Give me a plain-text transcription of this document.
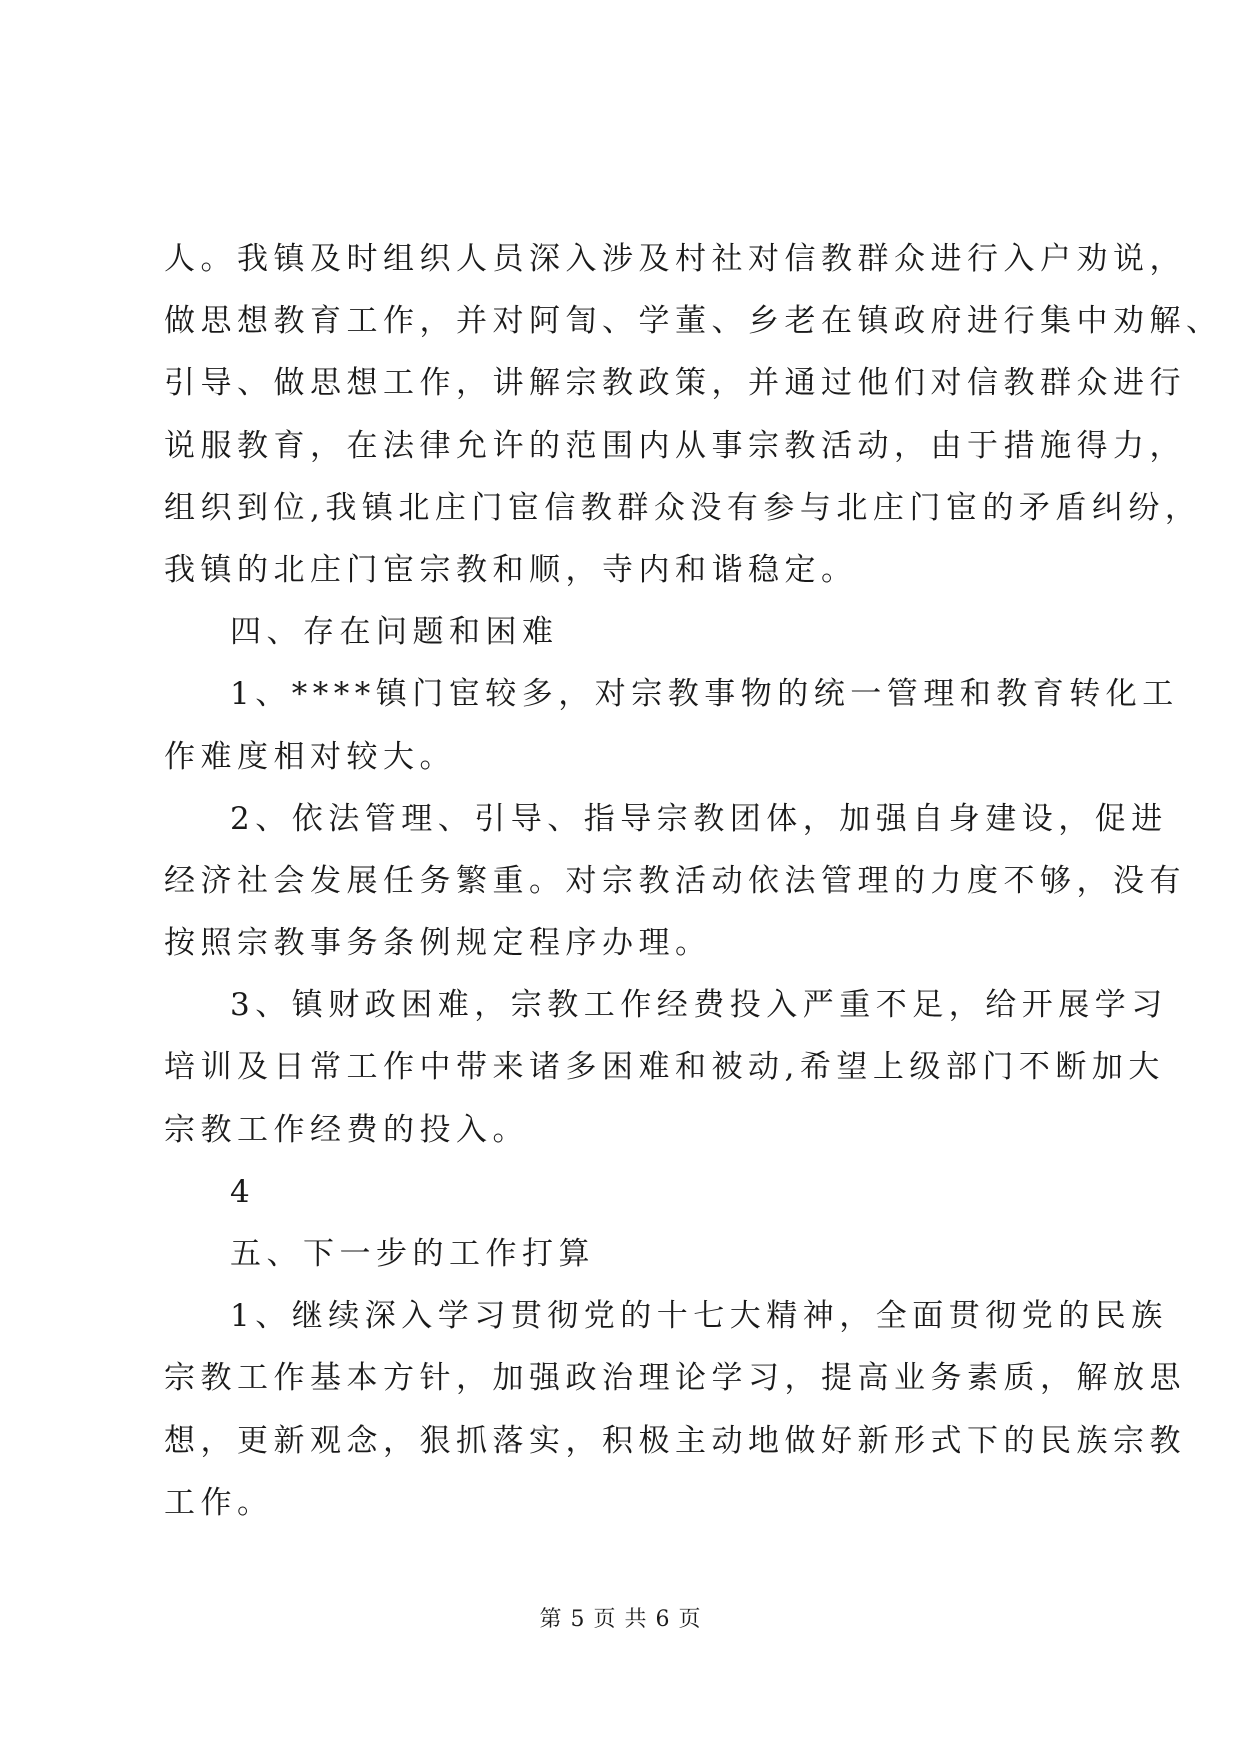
人。我镇及时组织人员深入涉及村社对信教群众进行入户劝说，
做思想教育工作，并对阿訇、学董、乡老在镇政府进行集中劝解、
引导、做思想工作，讲解宗教政策，并通过他们对信教群众进行
说服教育，在法律允许的范围内从事宗教活动，由于措施得力，
组织到位,我镇北庄门宦信教群众没有参与北庄门宦的矛盾纠纷，
我镇的北庄门宦宗教和顺，寺内和谐稳定。
四、存在问题和困难
1、****镇门宦较多，对宗教事物的统一管理和教育转化工
作难度相对较大。
2、依法管理、引导、指导宗教团体，加强自身建设，促进
经济社会发展任务繁重。对宗教活动依法管理的力度不够，没有
按照宗教事务条例规定程序办理。
3、镇财政困难，宗教工作经费投入严重不足，给开展学习
培训及日常工作中带来诸多困难和被动,希望上级部门不断加大
宗教工作经费的投入。
4
五、下一步的工作打算
1、继续深入学习贯彻党的十七大精神，全面贯彻党的民族
宗教工作基本方针，加强政治理论学习，提高业务素质，解放思
想，更新观念，狠抓落实，积极主动地做好新形式下的民族宗教
工作。
第 5 页 共 6 页
